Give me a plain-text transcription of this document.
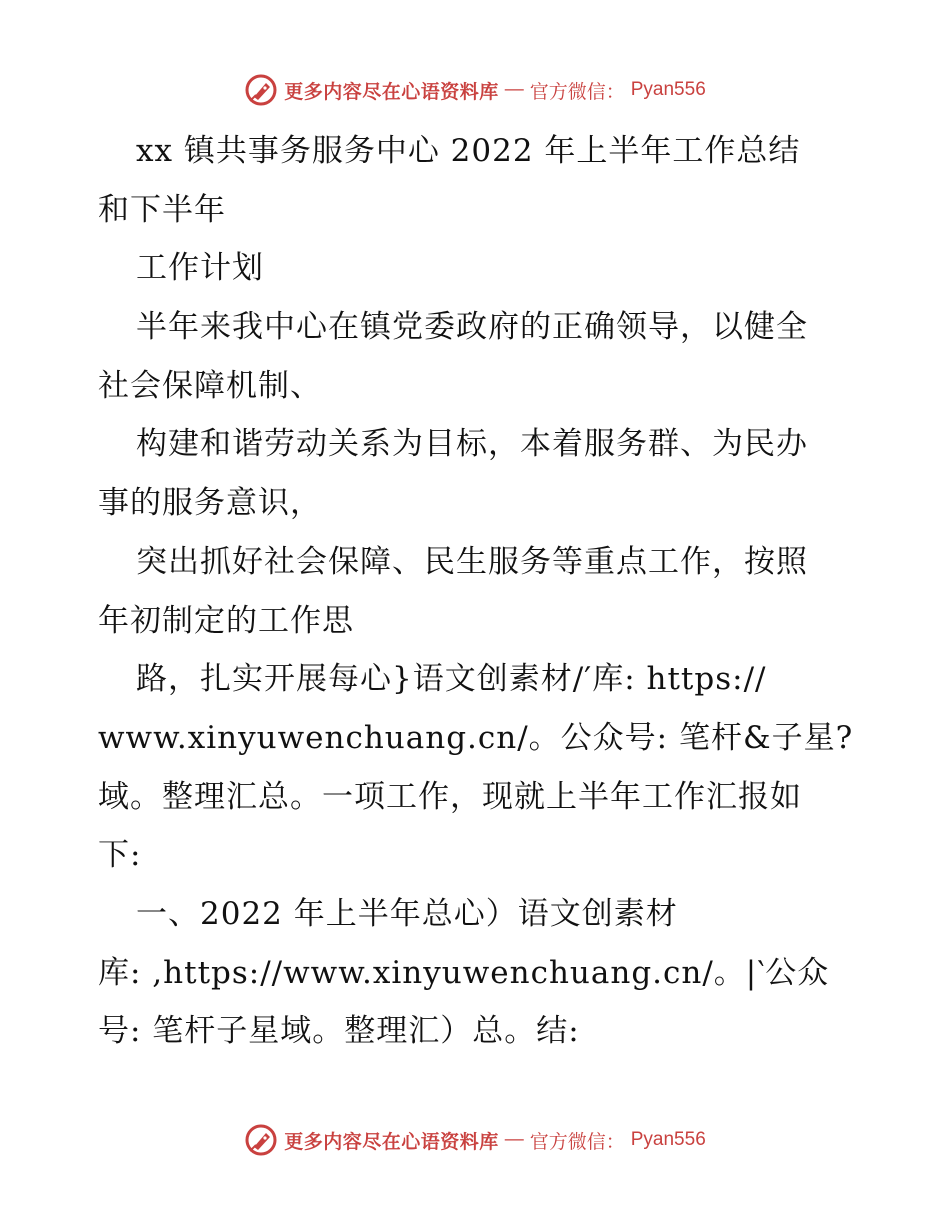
更多内容尽在心语资料库 — 官方微信： Pyan556
xx 镇共事务服务中心 2022 年上半年工作总结
和下半年
工作计划
半年来我中心在镇党委政府的正确领导，以健全
社会保障机制、
构建和谐劳动关系为目标，本着服务群、为民办
事的服务意识，
突出抓好社会保障、民生服务等重点工作，按照
年初制定的工作思
路，扎实开展每心}语文创素材/′库: https://
www.xinyuwenchuang.cn/。公众号: 笔杆&子星?
域。整理汇总。一项工作，现就上半年工作汇报如
下:
一、2022 年上半年总心）语文创素材
库: ,https://www.xinyuwenchuang.cn/。|‵公众
号: 笔杆子星域。整理汇）总。结:
更多内容尽在心语资料库 — 官方微信： Pyan556
